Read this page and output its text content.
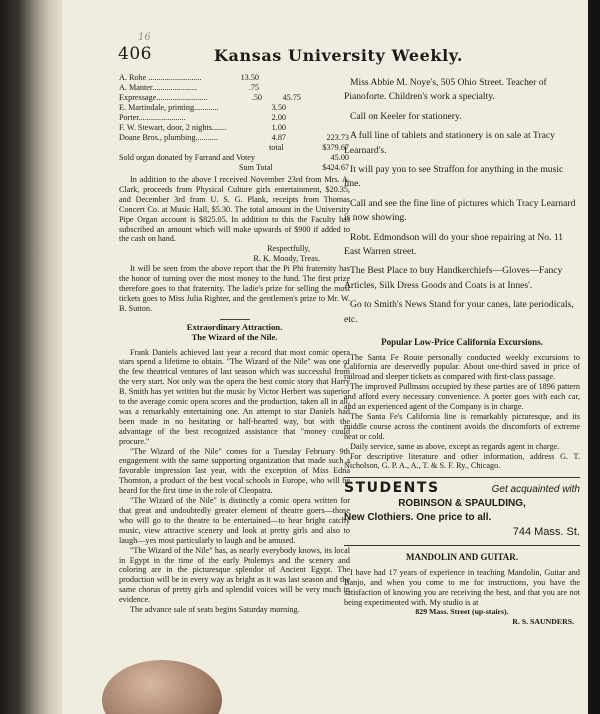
16
406	Kansas University Weekly.
A. Rohe ..........................	13.50
A. Manter......................	.75
Expressage.........................	.50	45.75
E. Martindale, printing............	3.50
Porter.......................	2.00
F. W. Stewart, door, 2 nights.......	1.00
Doane Bros., plumbing...........	4.87	223.73
total	$379.67
Sold organ donated by Farrand and Votey	45.00
Sum Total	$424.67

In addition to the above I received November 23rd from Mrs. A. Clark, proceeds from Physical Culture girls entertainment, $20.35, and December 3rd from U. S. G. Plank, receipts from Thomas Concert Co. at Music Hall, $5.30. The total amount in the University Pipe Organ account is $825.05. In addition to this the Faculty has subscribed an amount which will make upwards of $900 if added to the cash on hand.

Respectfully,

R. K. Moody, Treas.

It will be seen from the above report that the Pi Phi fraternity has the honor of turning over the most money to the fund. The first prize therefore goes to that fraternity. The ladie's prize for selling the most tickets goes to Miss Julia Righter, and the gentlemen's prize to Mr. W. B. Sutton.

Extraordinary Attraction.
The Wizard of the Nile.

Frank Daniels achieved last year a record that most comic opera stars spend a lifetime to obtain. "The Wizard of the Nile" was one of the few theatrical ventures of last season which was successful from the very start. Not only was the opera the best comic story that Harry B. Smith has yet written but the music by Victor Herbert was superior to the average comic opera scores and the production, taken all in all, was a remarkably entertaining one. An attempt to star Daniels had been made in no hesitating or half-hearted way, but with the advantage of the best recognized assistance that "money could procure."

"The Wizard of the Nile" comes for a Tuesday February 9th engagement with the same supporting organization that made such a favorable impression last year, with the exception of Miss Edna Thornton, a product of the best vocal schools in Europe, who will be heard for the first time in the role of Cleopatra.

"The Wizard of the Nile" is distinctly a comic opera written for that great and undoubtedly greater element of theatre goers—those who will go to the theatre to be entertained—to hear bright catchy music, view attractive scenery and look at pretty girls and also to laugh—yes most particularly to laugh and be amused.

"The Wizard of the Nile" has, as nearly everybody knows, its local in Egypt in the time of the early Ptolemys and the scenery and coloring are in the picturesque splendor of Ancient Egypt. The production will be in every way as bright as it was last season and the same chorus of pretty girls and splendid voices will be very much in evidence.

The advance sale of seats begins Saturday morning.

Miss Abbie M. Noye's, 505 Ohio Street. Teacher of Pianoforte. Children's work a specialty.

Call on Keeler for stationery.

A full line of tablets and stationery is on sale at Tracy Learnard's.

It will pay you to see Straffon for anything in the music line.

Call and see the fine line of pictures which Tracy Learnard is now showing.

Robt. Edmondson will do your shoe repairing at No. 11 East Warren street.

The Best Place to buy Handkerchiefs—Gloves—Fancy Articles, Silk Dress Goods and Coats is at Innes'.

Go to Smith's News Stand for your canes, late periodicals, etc.

Popular Low-Price California Excursions.

The Santa Fe Route personally conducted weekly excursions to California are deservedly popular. About one-third saved in price of railroad and sleeper tickets as compared with first-class passage.

The improved Pullmans occupied by these parties are of 1896 pattern and afford every necessary convenience. A porter goes with each car, and an experienced agent of the Company is in charge.

The Santa Fe's California line is remarkably picturesque, and its middle course across the continent avoids the discomforts of extreme heat or cold.

Daily service, same as above, except as regards agent in charge.

For descriptive literature and other information, address G. T. Nicholson, G. P. A., A., T. & S. F. Ry., Chicago.

STUDENTS	Get acquainted with
ROBINSON & SPAULDING,
New Clothiers. One price to all.
744 Mass. St.
MANDOLIN AND GUITAR.

I have had 17 years of experience in teaching Mandolin, Guitar and Banjo, and when you come to me for instructions, you have the satisfaction of knowing you are receiving the best, and that you are not being experimented with. My studio is at

829 Mass. Street (up-stairs).
R. S. SAUNDERS.
